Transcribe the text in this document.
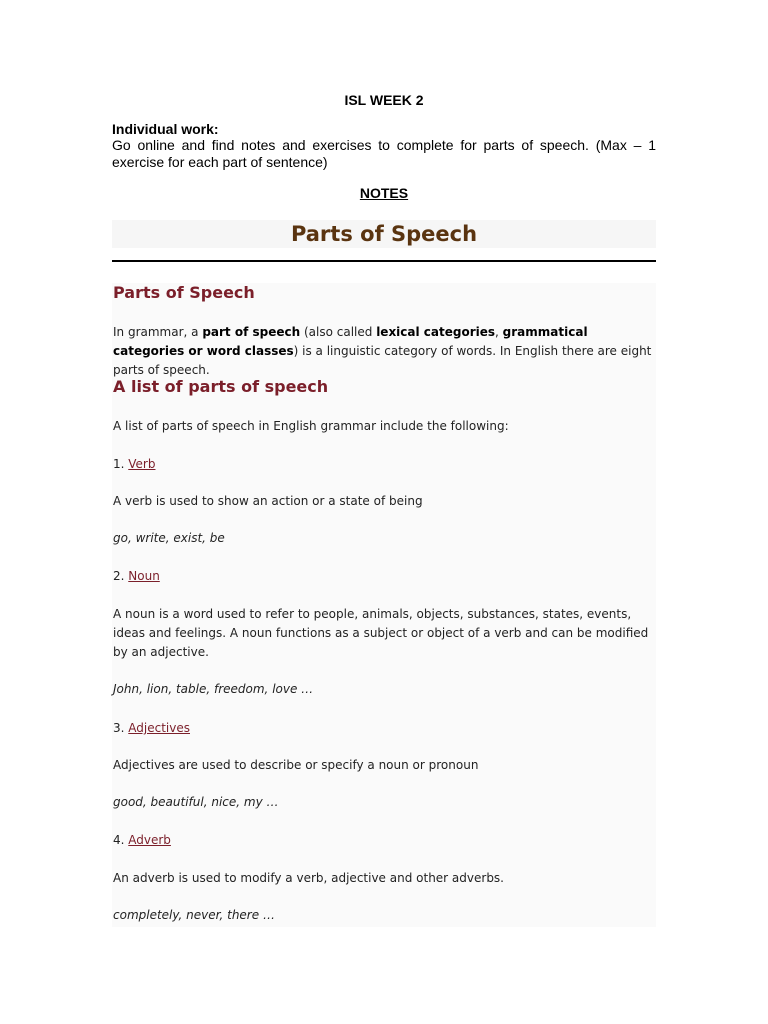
ISL WEEK 2
Individual work:
Go online and find notes and exercises to complete for parts of speech. (Max – 1 exercise for each part of sentence)
NOTES
Parts of Speech
Parts of Speech
In grammar, a part of speech (also called lexical categories, grammatical categories or word classes) is a linguistic category of words. In English there are eight parts of speech.
A list of parts of speech
A list of parts of speech in English grammar include the following:
1. Verb
A verb is used to show an action or a state of being
go, write, exist, be
2. Noun
A noun is a word used to refer to people, animals, objects, substances, states, events, ideas and feelings. A noun functions as a subject or object of a verb and can be modified by an adjective.
John, lion, table, freedom, love …
3. Adjectives
Adjectives are used to describe or specify a noun or pronoun
good, beautiful, nice, my …
4. Adverb
An adverb is used to modify a verb, adjective and other adverbs.
completely, never, there …
